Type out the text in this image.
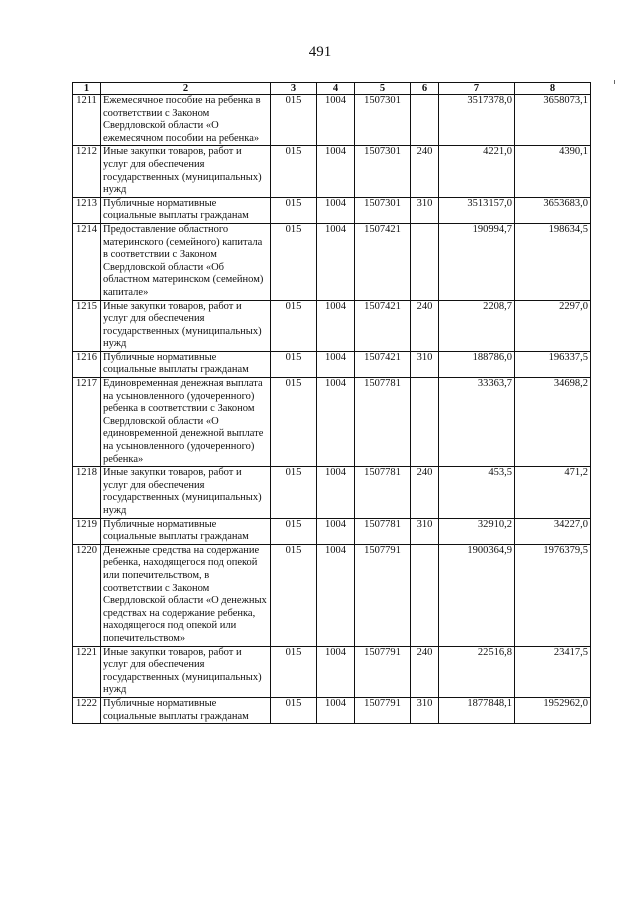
491
1	2	3	4	5	6	7	8
1211	Ежемесячное пособие на ребенка в соответствии с Законом Свердловской области «О ежемесячном пособии на ребенка»	015	1004	1507301		3517378,0	3658073,1
1212	Иные закупки товаров, работ и услуг для обеспечения государственных (муниципальных) нужд	015	1004	1507301	240	4221,0	4390,1
1213	Публичные нормативные социальные выплаты гражданам	015	1004	1507301	310	3513157,0	3653683,0
1214	Предоставление областного материнского (семейного) капитала в соответствии с Законом Свердловской области «Об областном материнском (семейном) капитале»	015	1004	1507421		190994,7	198634,5
1215	Иные закупки товаров, работ и услуг для обеспечения государственных (муниципальных) нужд	015	1004	1507421	240	2208,7	2297,0
1216	Публичные нормативные социальные выплаты гражданам	015	1004	1507421	310	188786,0	196337,5
1217	Единовременная денежная выплата на усыновленного (удочеренного) ребенка в соответствии с Законом Свердловской области «О единовременной денежной выплате на усыновленного (удочеренного) ребенка»	015	1004	1507781		33363,7	34698,2
1218	Иные закупки товаров, работ и услуг для обеспечения государственных (муниципальных) нужд	015	1004	1507781	240	453,5	471,2
1219	Публичные нормативные социальные выплаты гражданам	015	1004	1507781	310	32910,2	34227,0
1220	Денежные средства на содержание ребенка, находящегося под опекой или попечительством, в соответствии с Законом Свердловской области «О денежных средствах на содержание ребенка, находящегося под опекой или попечительством»	015	1004	1507791		1900364,9	1976379,5
1221	Иные закупки товаров, работ и услуг для обеспечения государственных (муниципальных) нужд	015	1004	1507791	240	22516,8	23417,5
1222	Публичные нормативные социальные выплаты гражданам	015	1004	1507791	310	1877848,1	1952962,0
